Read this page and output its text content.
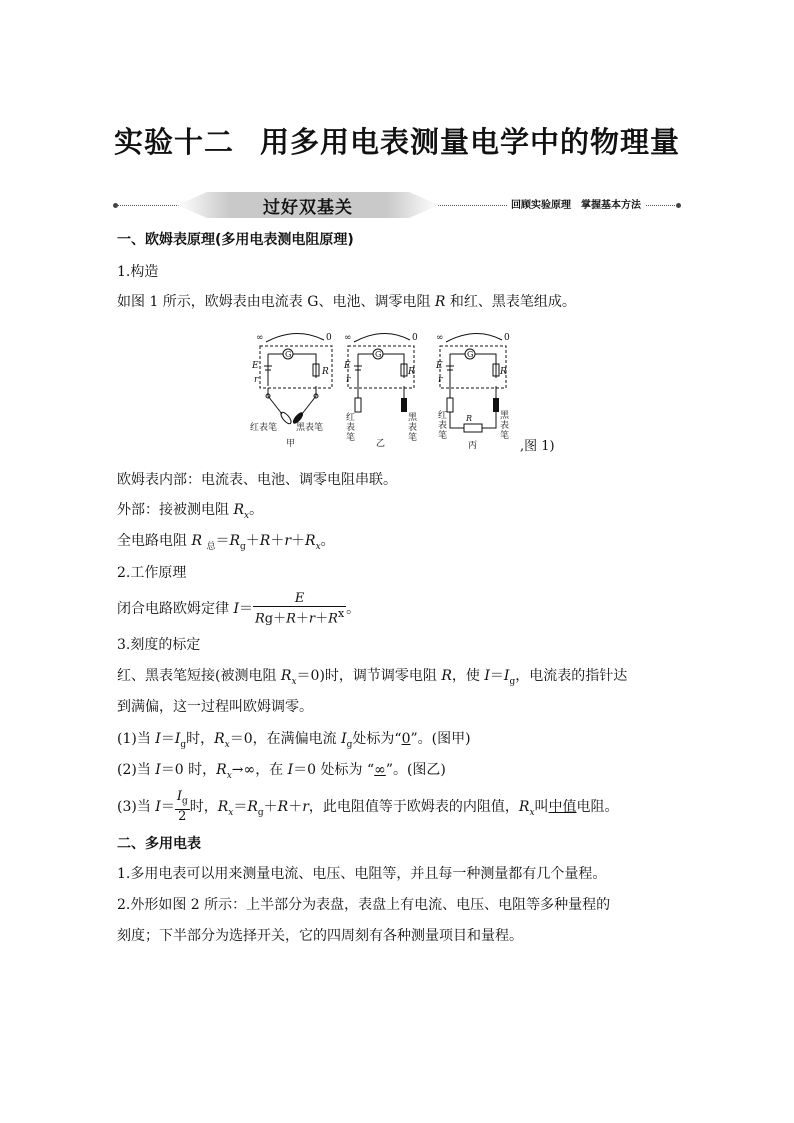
实验十二 用多用电表测量电学中的物理量
过好双基关	回顾实验原理　掌握基本方法
一、欧姆表原理(多用电表测电阻原理)
1.构造
如图 1 所示，欧姆表由电流表 G、电池、调零电阻 R 和红、黑表笔组成。
∞	0
G
R
E
r
红表笔 黑表笔
甲
∞	0
G
R
E
r
红
表
笔
黑
表
笔
乙
∞	0
G
R
E
r
R
红
表
笔
黑
表
笔
丙	,图 1)
欧姆表内部：电流表、电池、调零电阻串联。
外部：接被测电阻 $R_x$。
全电路电阻 R $_总=R_g+R+r+R_x$。
2.工作原理
闭合电路欧姆定律 $I= \frac{E}{Rg+R+r+R^x}$ 。
3.刻度的标定
红、黑表笔短接(被测电阻 $R_x=0$)时，调节调零电阻 R，使 $I=I_g$，电流表的指针达
到满偏，这一过程叫欧姆调零。
(1)当 $I=I_g$时，$R_x=0$，在满偏电流 $I_g$处标为“0”。(图甲)
(2)当 I＝0 时，$R_x\to\infty$，在 I＝0 处标为 “∞”。(图乙)
(3)当 $I= \frac{I_g}{2}$ 时，$R_x=R_g+R+r$，此电阻值等于欧姆表的内阻值，$R_x$叫中值电阻。
二、多用电表
1.多用电表可以用来测量电流、电压、电阻等，并且每一种测量都有几个量程。
2.外形如图 2 所示：上半部分为表盘，表盘上有电流、电压、电阻等多种量程的
刻度；下半部分为选择开关，它的四周刻有各种测量项目和量程。
